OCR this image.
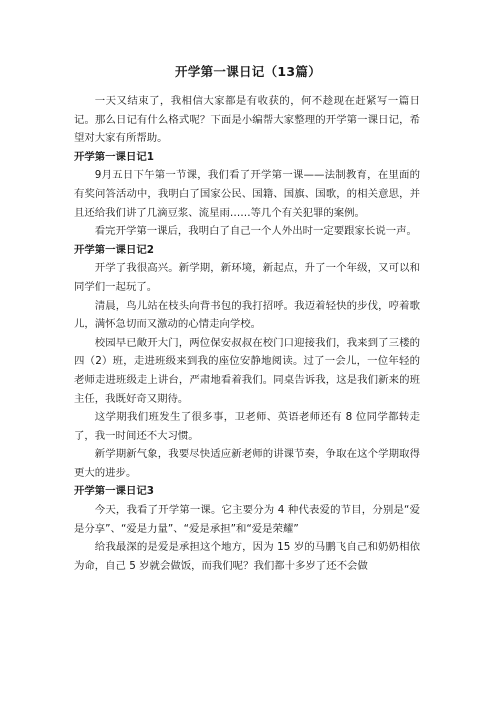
开学第一课日记（13篇）

一天又结束了，我相信大家都是有收获的，何不趁现在赶紧写一篇日记。那么日记有什么格式呢？下面是小编帮大家整理的开学第一课日记，希望对大家有所帮助。

开学第一课日记1

9月五日下午第一节课，我们看了开学第一课——法制教育，在里面的有奖问答活动中，我明白了国家公民、国籍、国旗、国歌，的相关意思，并且还给我们讲了几滴豆浆、流星雨……等几个有关犯罪的案例。

看完开学第一课后，我明白了自己一个人外出时一定要跟家长说一声。

开学第一课日记2

开学了我很高兴。新学期，新环境，新起点，升了一个年级，又可以和同学们一起玩了。

清晨，鸟儿站在枝头向背书包的我打招呼。我迈着轻快的步伐，哼着歌儿，满怀急切而又激动的心情走向学校。

校园早已敞开大门，两位保安叔叔在校门口迎接我们，我来到了三楼的四（2）班，走进班级来到我的座位安静地阅读。过了一会儿，一位年轻的老师走进班级走上讲台，严肃地看着我们。同桌告诉我，这是我们新来的班主任，我既好奇又期待。

这学期我们班发生了很多事，卫老师、英语老师还有 8 位同学都转走了，我一时间还不大习惯。

新学期新气象，我要尽快适应新老师的讲课节奏，争取在这个学期取得更大的进步。

开学第一课日记3

今天，我看了开学第一课。它主要分为 4 种代表爱的节目，分别是“爱是分享”、“爱是力量”、“爱是承担”和“爱是荣耀”

给我最深的是爱是承担这个地方，因为 15 岁的马鹏飞自己和奶奶相依为命，自己 5 岁就会做饭，而我们呢？我们都十多岁了还不会做
